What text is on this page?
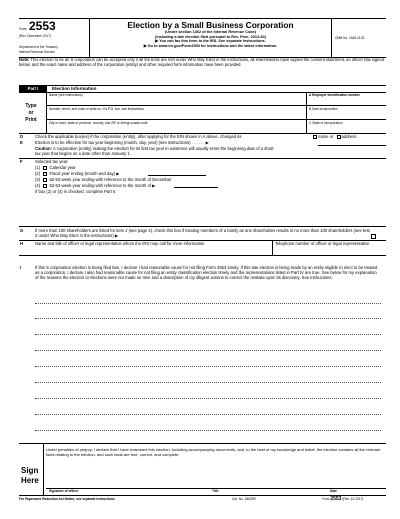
Form 2553
(Rev. December 2017)
Department of the Treasury
Internal Revenue Service
Election by a Small Business Corporation
(Under section 1362 of the Internal Revenue Code)
(Including a late election filed pursuant to Rev. Proc. 2013-30)
▶ You can fax this form to the IRS. See separate instructions.
▶ Go to www.irs.gov/Form2553 for instructions and the latest information.
OMB No. 1545-0123
Note: This election to be an S corporation can be accepted only if all the tests are met under Who May Elect in the instructions, all shareholders have signed the consent statement, an officer has signed below, and the exact name and address of the corporation (entity) and other required form information have been provided.
Part I	Election Information
Type
or
Print
Name (see instructions)	A Employer identification number
Number, street, and room or suite no. If a P.O. box, see instructions.	B Date incorporated
City or town, state or province, country, and ZIP or foreign postal code	C State of incorporation
D	Check the applicable box(es) if the corporation (entity), after applying for the EIN shown in A above, changed its	name or address
E	Election is to be effective for tax year beginning (month, day, year) (see instructions) . . . . . . ▶
Caution: A corporation (entity) making the election for its first tax year in existence will usually enter the beginning date of a short tax year that begins on a date other than January 1.
F	Selected tax year:
(1) Calendar year
(2) Fiscal year ending (month and day) ▶
(3) 52-53-week year ending with reference to the month of December
(4) 52-53-week year ending with reference to the month of ▶
If box (2) or (4) is checked, complete Part II.
G	If more than 100 shareholders are listed for item J (see page 2), check this box if treating members of a family as one shareholder results in no more than 100 shareholders (see test 2 under Who May Elect in the instructions) ▶
H	Name and title of officer or legal representative whom the IRS may call for more information	Telephone number of officer or legal representative
I	If this S corporation election is being filed late, I declare I had reasonable cause for not filing Form 2553 timely. If this late election is being made by an entity eligible to elect to be treated as a corporation, I declare I also had reasonable cause for not filing an entity classification election timely and the representations listed in Part IV are true. See below for my explanation of the reasons the election or elections were not made on time and a description of my diligent actions to correct the mistake upon its discovery. See instructions.
Sign
Here
Under penalties of perjury, I declare that I have examined this election, including accompanying documents, and, to the best of my knowledge and belief, the election contains all the relevant facts relating to the election, and such facts are true, correct, and complete.
Signature of officer	Title	Date
For Paperwork Reduction Act Notice, see separate instructions.	Cat. No. 18629R	Form 2553 (Rev. 12-2017)
